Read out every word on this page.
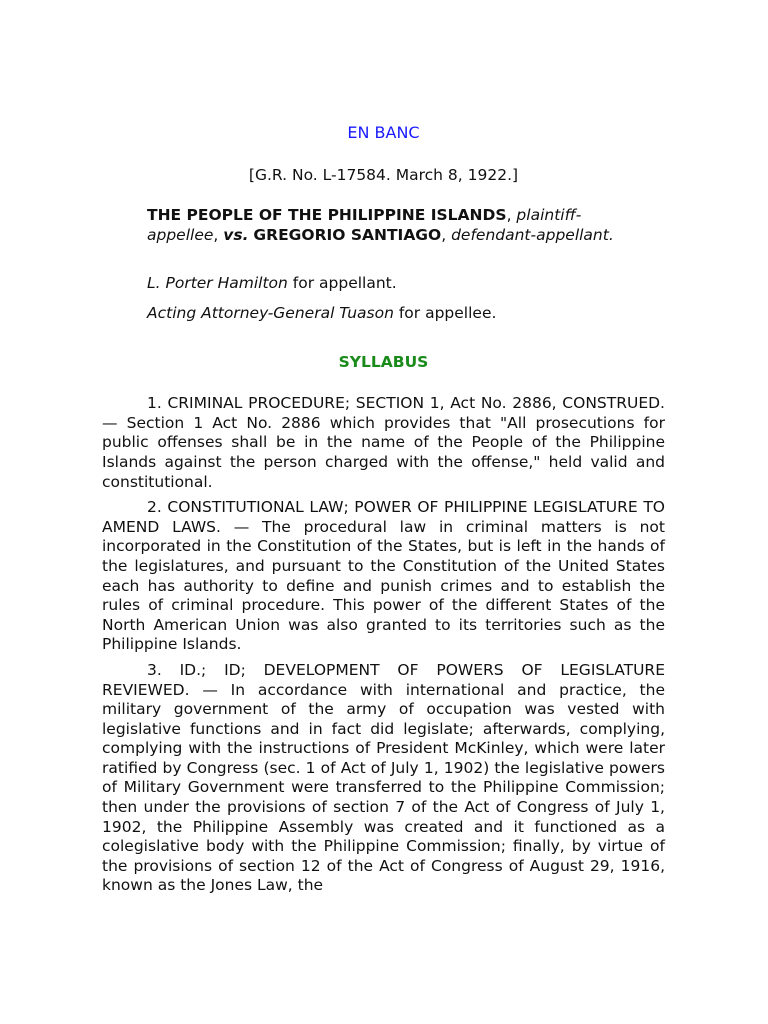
EN BANC

[G.R. No. L-17584. March 8, 1922.]

THE PEOPLE OF THE PHILIPPINE ISLANDS, plaintiff-appellee, vs. GREGORIO SANTIAGO, defendant-appellant.

L. Porter Hamilton for appellant.

Acting Attorney-General Tuason for appellee.

SYLLABUS

1. CRIMINAL PROCEDURE; SECTION 1, Act No. 2886, CONSTRUED. — Section 1 Act No. 2886 which provides that "All prosecutions for public offenses shall be in the name of the People of the Philippine Islands against the person charged with the offense," held valid and constitutional.

2. CONSTITUTIONAL LAW; POWER OF PHILIPPINE LEGISLATURE TO AMEND LAWS. — The procedural law in criminal matters is not incorporated in the Constitution of the States, but is left in the hands of the legislatures, and pursuant to the Constitution of the United States each has authority to define and punish crimes and to establish the rules of criminal procedure. This power of the different States of the North American Union was also granted to its territories such as the Philippine Islands.

3. ID.; ID; DEVELOPMENT OF POWERS OF LEGISLATURE REVIEWED. — In accordance with international and practice, the military government of the army of occupation was vested with legislative functions and in fact did legislate; afterwards, complying, complying with the instructions of President McKinley, which were later ratified by Congress (sec. 1 of Act of July 1, 1902) the legislative powers of Military Government were transferred to the Philippine Commission; then under the provisions of section 7 of the Act of Congress of July 1, 1902, the Philippine Assembly was created and it functioned as a colegislative body with the Philippine Commission; finally, by virtue of the provisions of section 12 of the Act of Congress of August 29, 1916, known as the Jones Law, the
